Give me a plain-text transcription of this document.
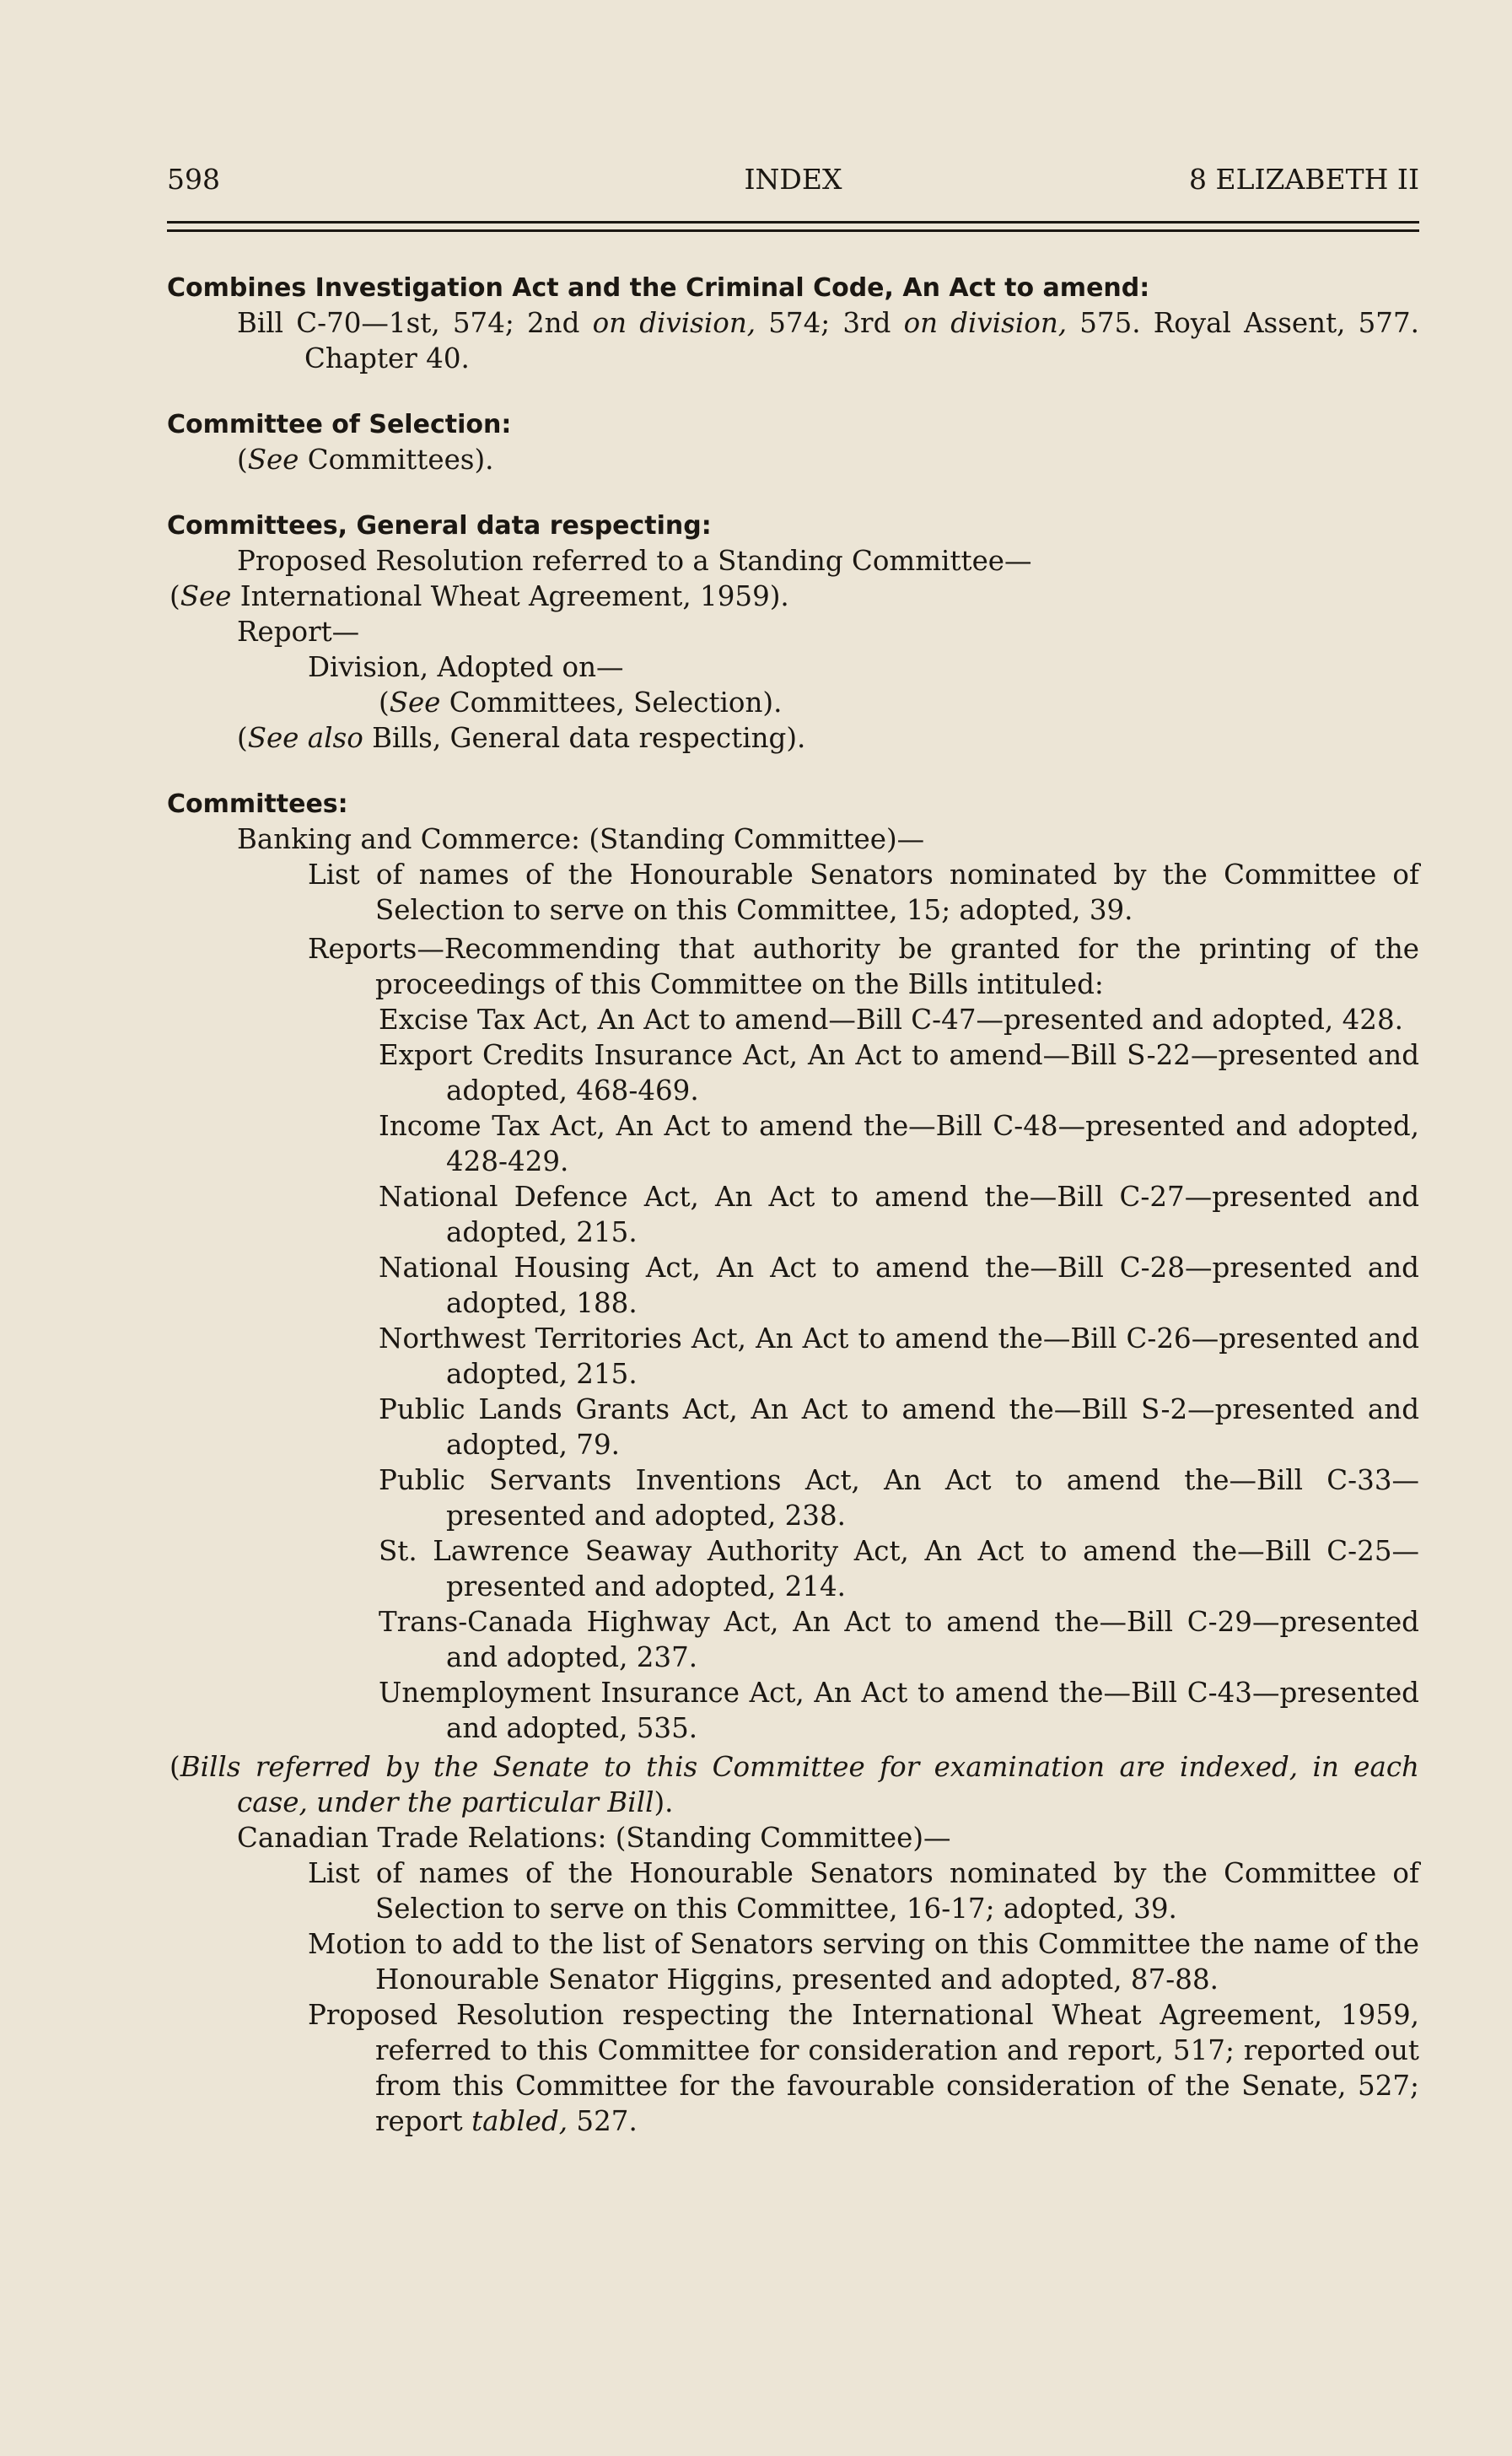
598	INDEX	8 ELIZABETH II
Combines Investigation Act and the Criminal Code, An Act to amend:
Bill C-70—1st, 574; 2nd on division, 574; 3rd on division, 575. Royal Assent, 577. Chapter 40.
Committee of Selection:
(See Committees).
Committees, General data respecting:
Proposed Resolution referred to a Standing Committee—
(See International Wheat Agreement, 1959).
Report—
Division, Adopted on—
(See Committees, Selection).
(See also Bills, General data respecting).
Committees:
Banking and Commerce: (Standing Committee)—
List of names of the Honourable Senators nominated by the Committee of Selection to serve on this Committee, 15; adopted, 39.
Reports—Recommending that authority be granted for the printing of the proceedings of this Committee on the Bills intituled:
Excise Tax Act, An Act to amend—Bill C-47—presented and adopted, 428.
Export Credits Insurance Act, An Act to amend—Bill S-22—presented and adopted, 468-469.
Income Tax Act, An Act to amend the—Bill C-48—presented and adopted, 428-429.
National Defence Act, An Act to amend the—Bill C-27—presented and adopted, 215.
National Housing Act, An Act to amend the—Bill C-28—presented and adopted, 188.
Northwest Territories Act, An Act to amend the—Bill C-26—presented and adopted, 215.
Public Lands Grants Act, An Act to amend the—Bill S-2—presented and adopted, 79.
Public Servants Inventions Act, An Act to amend the—Bill C-33—presented and adopted, 238.
St. Lawrence Seaway Authority Act, An Act to amend the—Bill C-25—presented and adopted, 214.
Trans-Canada Highway Act, An Act to amend the—Bill C-29—presented and adopted, 237.
Unemployment Insurance Act, An Act to amend the—Bill C-43—presented and adopted, 535.
(Bills referred by the Senate to this Committee for examination are indexed, in each case, under the particular Bill).
Canadian Trade Relations: (Standing Committee)—
List of names of the Honourable Senators nominated by the Committee of Selection to serve on this Committee, 16-17; adopted, 39.
Motion to add to the list of Senators serving on this Committee the name of the Honourable Senator Higgins, presented and adopted, 87-88.
Proposed Resolution respecting the International Wheat Agreement, 1959, referred to this Committee for consideration and report, 517; reported out from this Committee for the favourable consideration of the Senate, 527; report tabled, 527.
